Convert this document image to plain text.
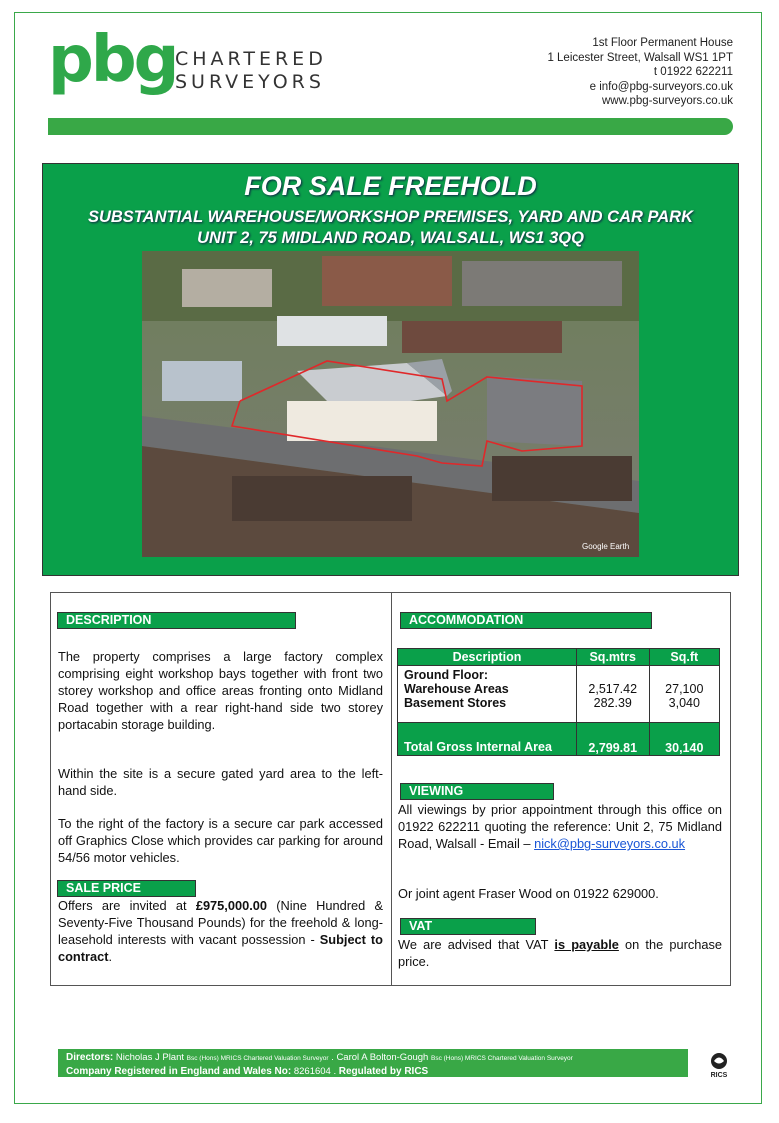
pbg
CHARTERED
SURVEYORS
1st Floor Permanent House
1 Leicester Street, Walsall WS1 1PT
t 01922 622211
e info@pbg-surveyors.co.uk
www.pbg-surveyors.co.uk
FOR SALE FREEHOLD
SUBSTANTIAL WAREHOUSE/WORKSHOP PREMISES, YARD AND CAR PARK
UNIT 2, 75 MIDLAND ROAD, WALSALL, WS1 3QQ
Google Earth
DESCRIPTION
The property comprises a large factory complex comprising eight workshop bays together with front two storey workshop and office areas fronting onto Midland Road together with a rear right-hand side two storey portacabin storage building.
Within the site is a secure gated yard area to the left-hand side.
To the right of the factory is a secure car park accessed off Graphics Close which provides car parking for around 54/56 motor vehicles.
SALE PRICE
Offers are invited at £975,000.00 (Nine Hundred & Seventy-Five Thousand Pounds) for the freehold & long-leasehold interests with vacant possession - Subject to contract.
ACCOMMODATION
Description	Sq.mtrs	Sq.ft
Ground Floor:		
Warehouse Areas	2,517.42	27,100
Basement Stores	282.39	3,040
Total Gross Internal Area	2,799.81	30,140
VIEWING
All viewings by prior appointment through this office on 01922 622211 quoting the reference: Unit 2, 75 Midland Road, Walsall - Email – nick@pbg-surveyors.co.uk
Or joint agent Fraser Wood on 01922 629000.
VAT
We are advised that VAT is payable on the purchase price.
Directors: Nicholas J Plant Bsc (Hons) MRICS Chartered Valuation Surveyor . Carol A Bolton-Gough Bsc (Hons) MRICS Chartered Valuation Surveyor
Company Registered in England and Wales No: 8261604 . Regulated by RICS	RICS
